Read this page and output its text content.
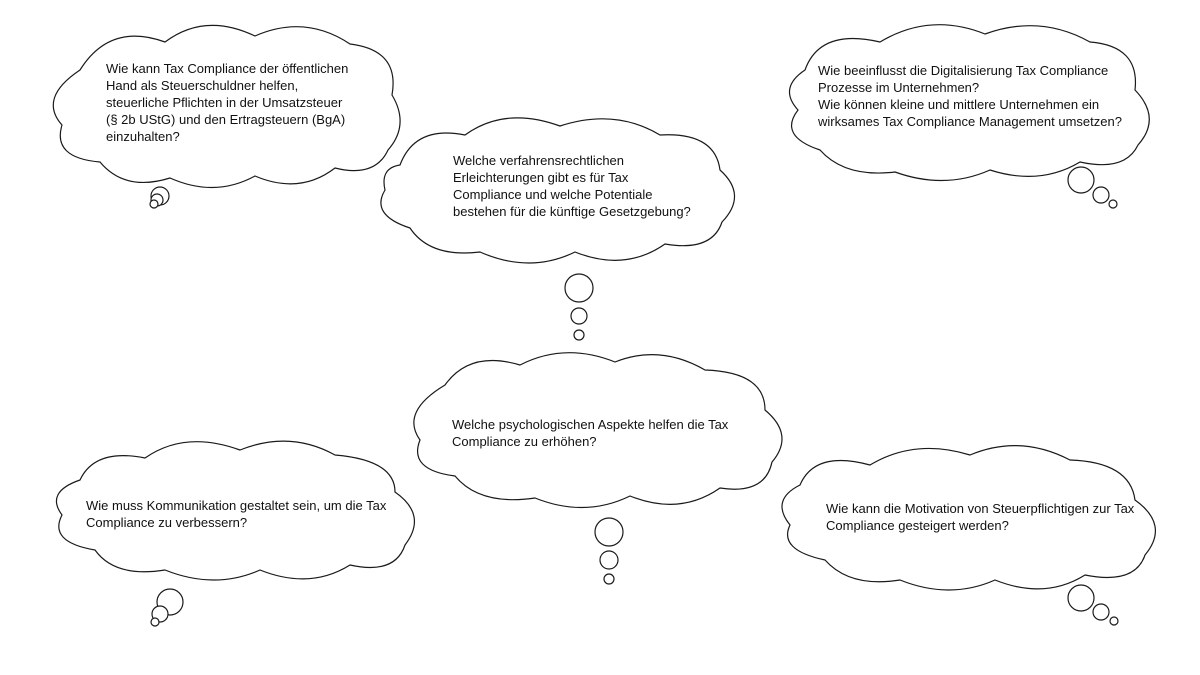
Wie kann Tax Compliance der öffentlichen
Hand als Steuerschuldner helfen,
steuerliche Pflichten in der Umsatzsteuer
(§ 2b UStG) und den Ertragsteuern (BgA)
einzuhalten?
Welche verfahrensrechtlichen
Erleichterungen gibt es für Tax
Compliance und welche Potentiale
bestehen für die künftige Gesetzgebung?
Wie beeinflusst die Digitalisierung Tax Compliance
Prozesse im Unternehmen?
Wie können kleine und mittlere Unternehmen ein
wirksames Tax Compliance Management umsetzen?
Welche psychologischen Aspekte helfen die Tax
Compliance zu erhöhen?
Wie muss Kommunikation gestaltet sein, um die Tax
Compliance zu verbessern?
Wie kann die Motivation von Steuerpflichtigen zur Tax
Compliance gesteigert werden?
